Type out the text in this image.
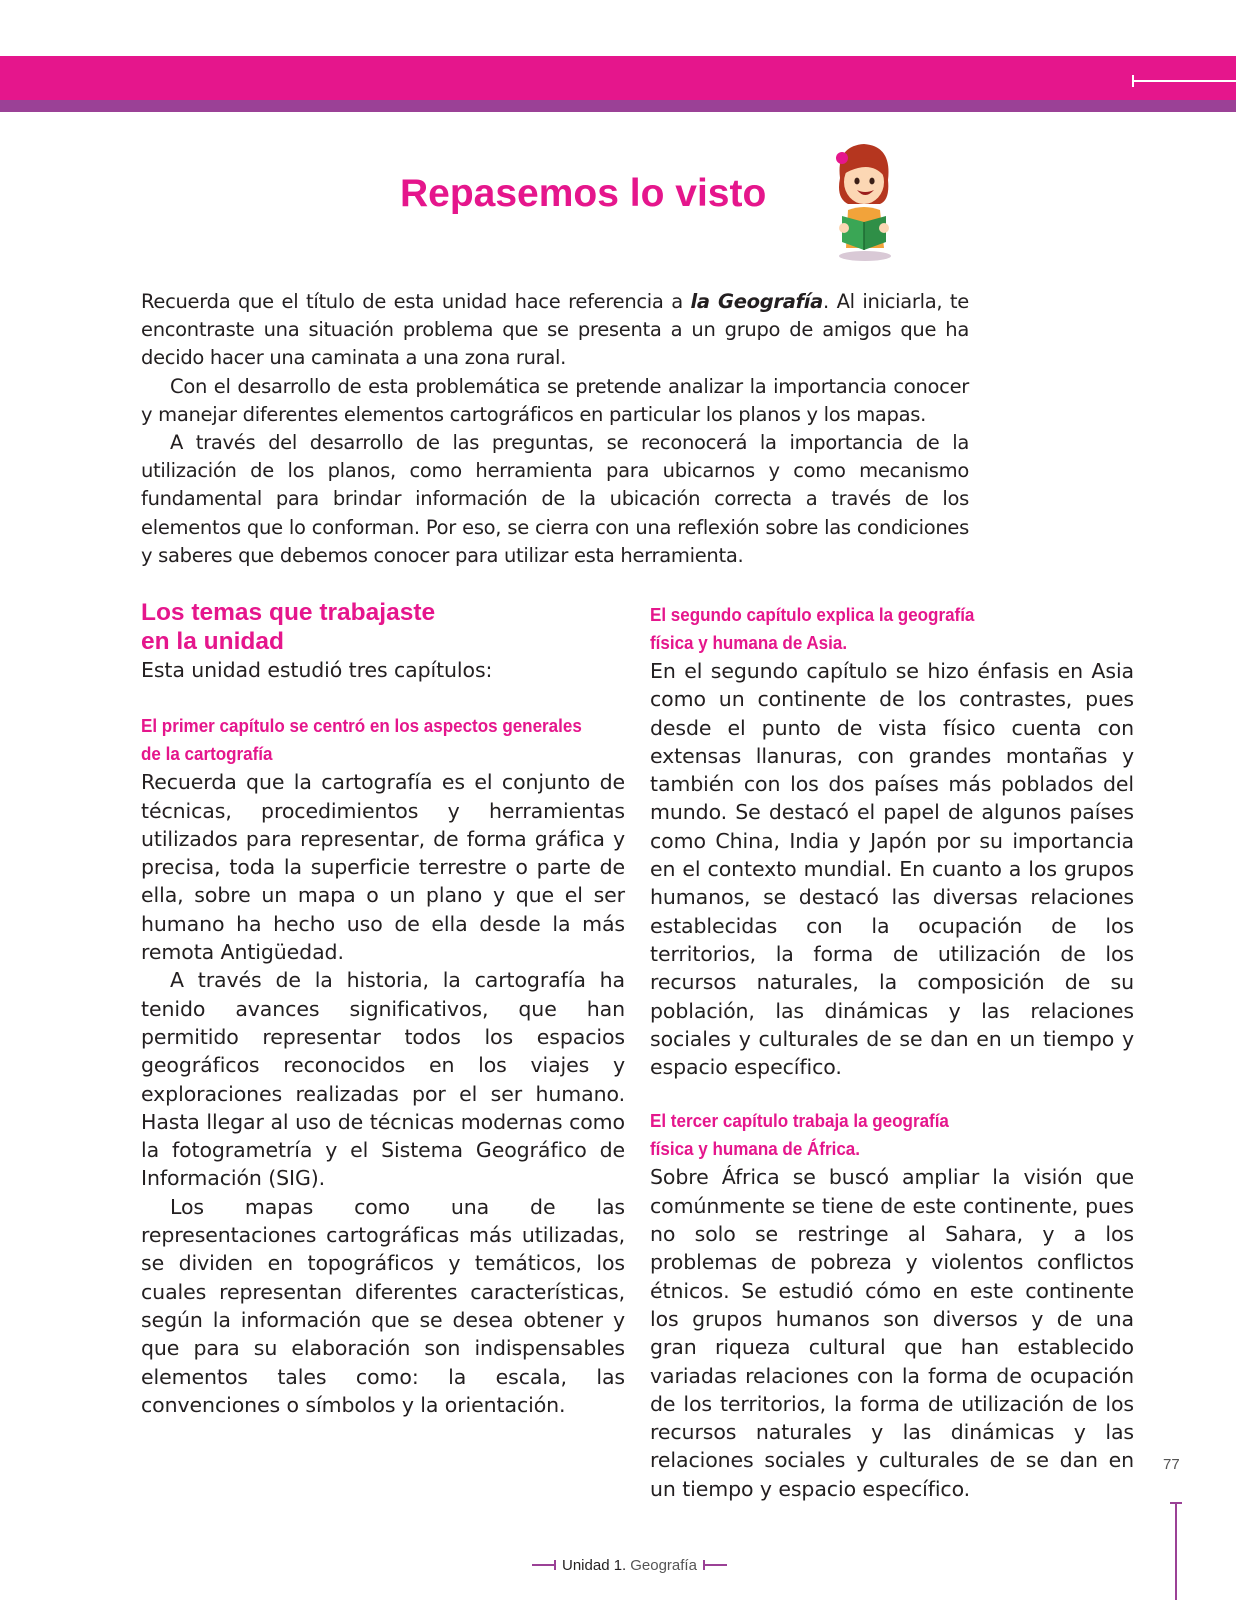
Repasemos lo visto

Recuerda que el título de esta unidad hace referencia a la Geografía. Al iniciarla, te encontraste una situación problema que se presenta a un grupo de amigos que ha decido hacer una caminata a una zona rural.

Con el desarrollo de esta problemática se pretende analizar la importancia conocer y manejar diferentes elementos cartográficos en particular los planos y los mapas.

A través del desarrollo de las preguntas, se reconocerá la importancia de la utilización de los planos, como herramienta para ubicarnos y como mecanismo fundamental para brindar información de la ubicación correcta a través de los elementos que lo conforman. Por eso, se cierra con una reflexión sobre las condiciones y saberes que debemos conocer para utilizar esta herramienta.

Los temas que trabajaste
en la unidad

Esta unidad estudió tres capítulos:

El primer capítulo se centró en los aspectos generales
de la cartografía

Recuerda que la cartografía es el conjunto de técnicas, procedimientos y herramientas utilizados para representar, de forma gráfica y precisa, toda la superficie terrestre o parte de ella, sobre un mapa o un plano y que el ser humano ha hecho uso de ella desde la más remota Antigüedad.

A través de la historia, la cartografía ha tenido avances significativos, que han permitido representar todos los espacios geográficos reconocidos en los viajes y exploraciones realizadas por el ser humano. Hasta llegar al uso de técnicas modernas como la fotogrametría y el Sistema Geográfico de Información (SIG).

Los mapas como una de las representaciones cartográficas más utilizadas, se dividen en topográficos y temáticos, los cuales representan diferentes características, según la información que se desea obtener y que para su elaboración son indispensables elementos tales como: la escala, las convenciones o símbolos y la orientación.

El segundo capítulo explica la geografía
física y humana de Asia.

En el segundo capítulo se hizo énfasis en Asia como un continente de los contrastes, pues desde el punto de vista físico cuenta con extensas llanuras, con grandes montañas y también con los dos países más poblados del mundo. Se destacó el papel de algunos países como China, India y Japón por su importancia en el contexto mundial. En cuanto a los grupos humanos, se destacó las diversas relaciones establecidas con la ocupación de los territorios, la forma de utilización de los recursos naturales, la composición de su población, las dinámicas y las relaciones sociales y culturales de se dan en un tiempo y espacio específico.

El tercer capítulo trabaja la geografía
física y humana de África.

Sobre África se buscó ampliar la visión que comúnmente se tiene de este continente, pues no solo se restringe al Sahara, y a los problemas de pobreza y violentos conflictos étnicos. Se estudió cómo en este continente los grupos humanos son diversos y de una gran riqueza cultural que han establecido variadas relaciones con la forma de ocupación de los territorios, la forma de utilización de los recursos naturales y las dinámicas y las relaciones sociales y culturales de se dan en un tiempo y espacio específico.

77
Unidad 1. Geografía
